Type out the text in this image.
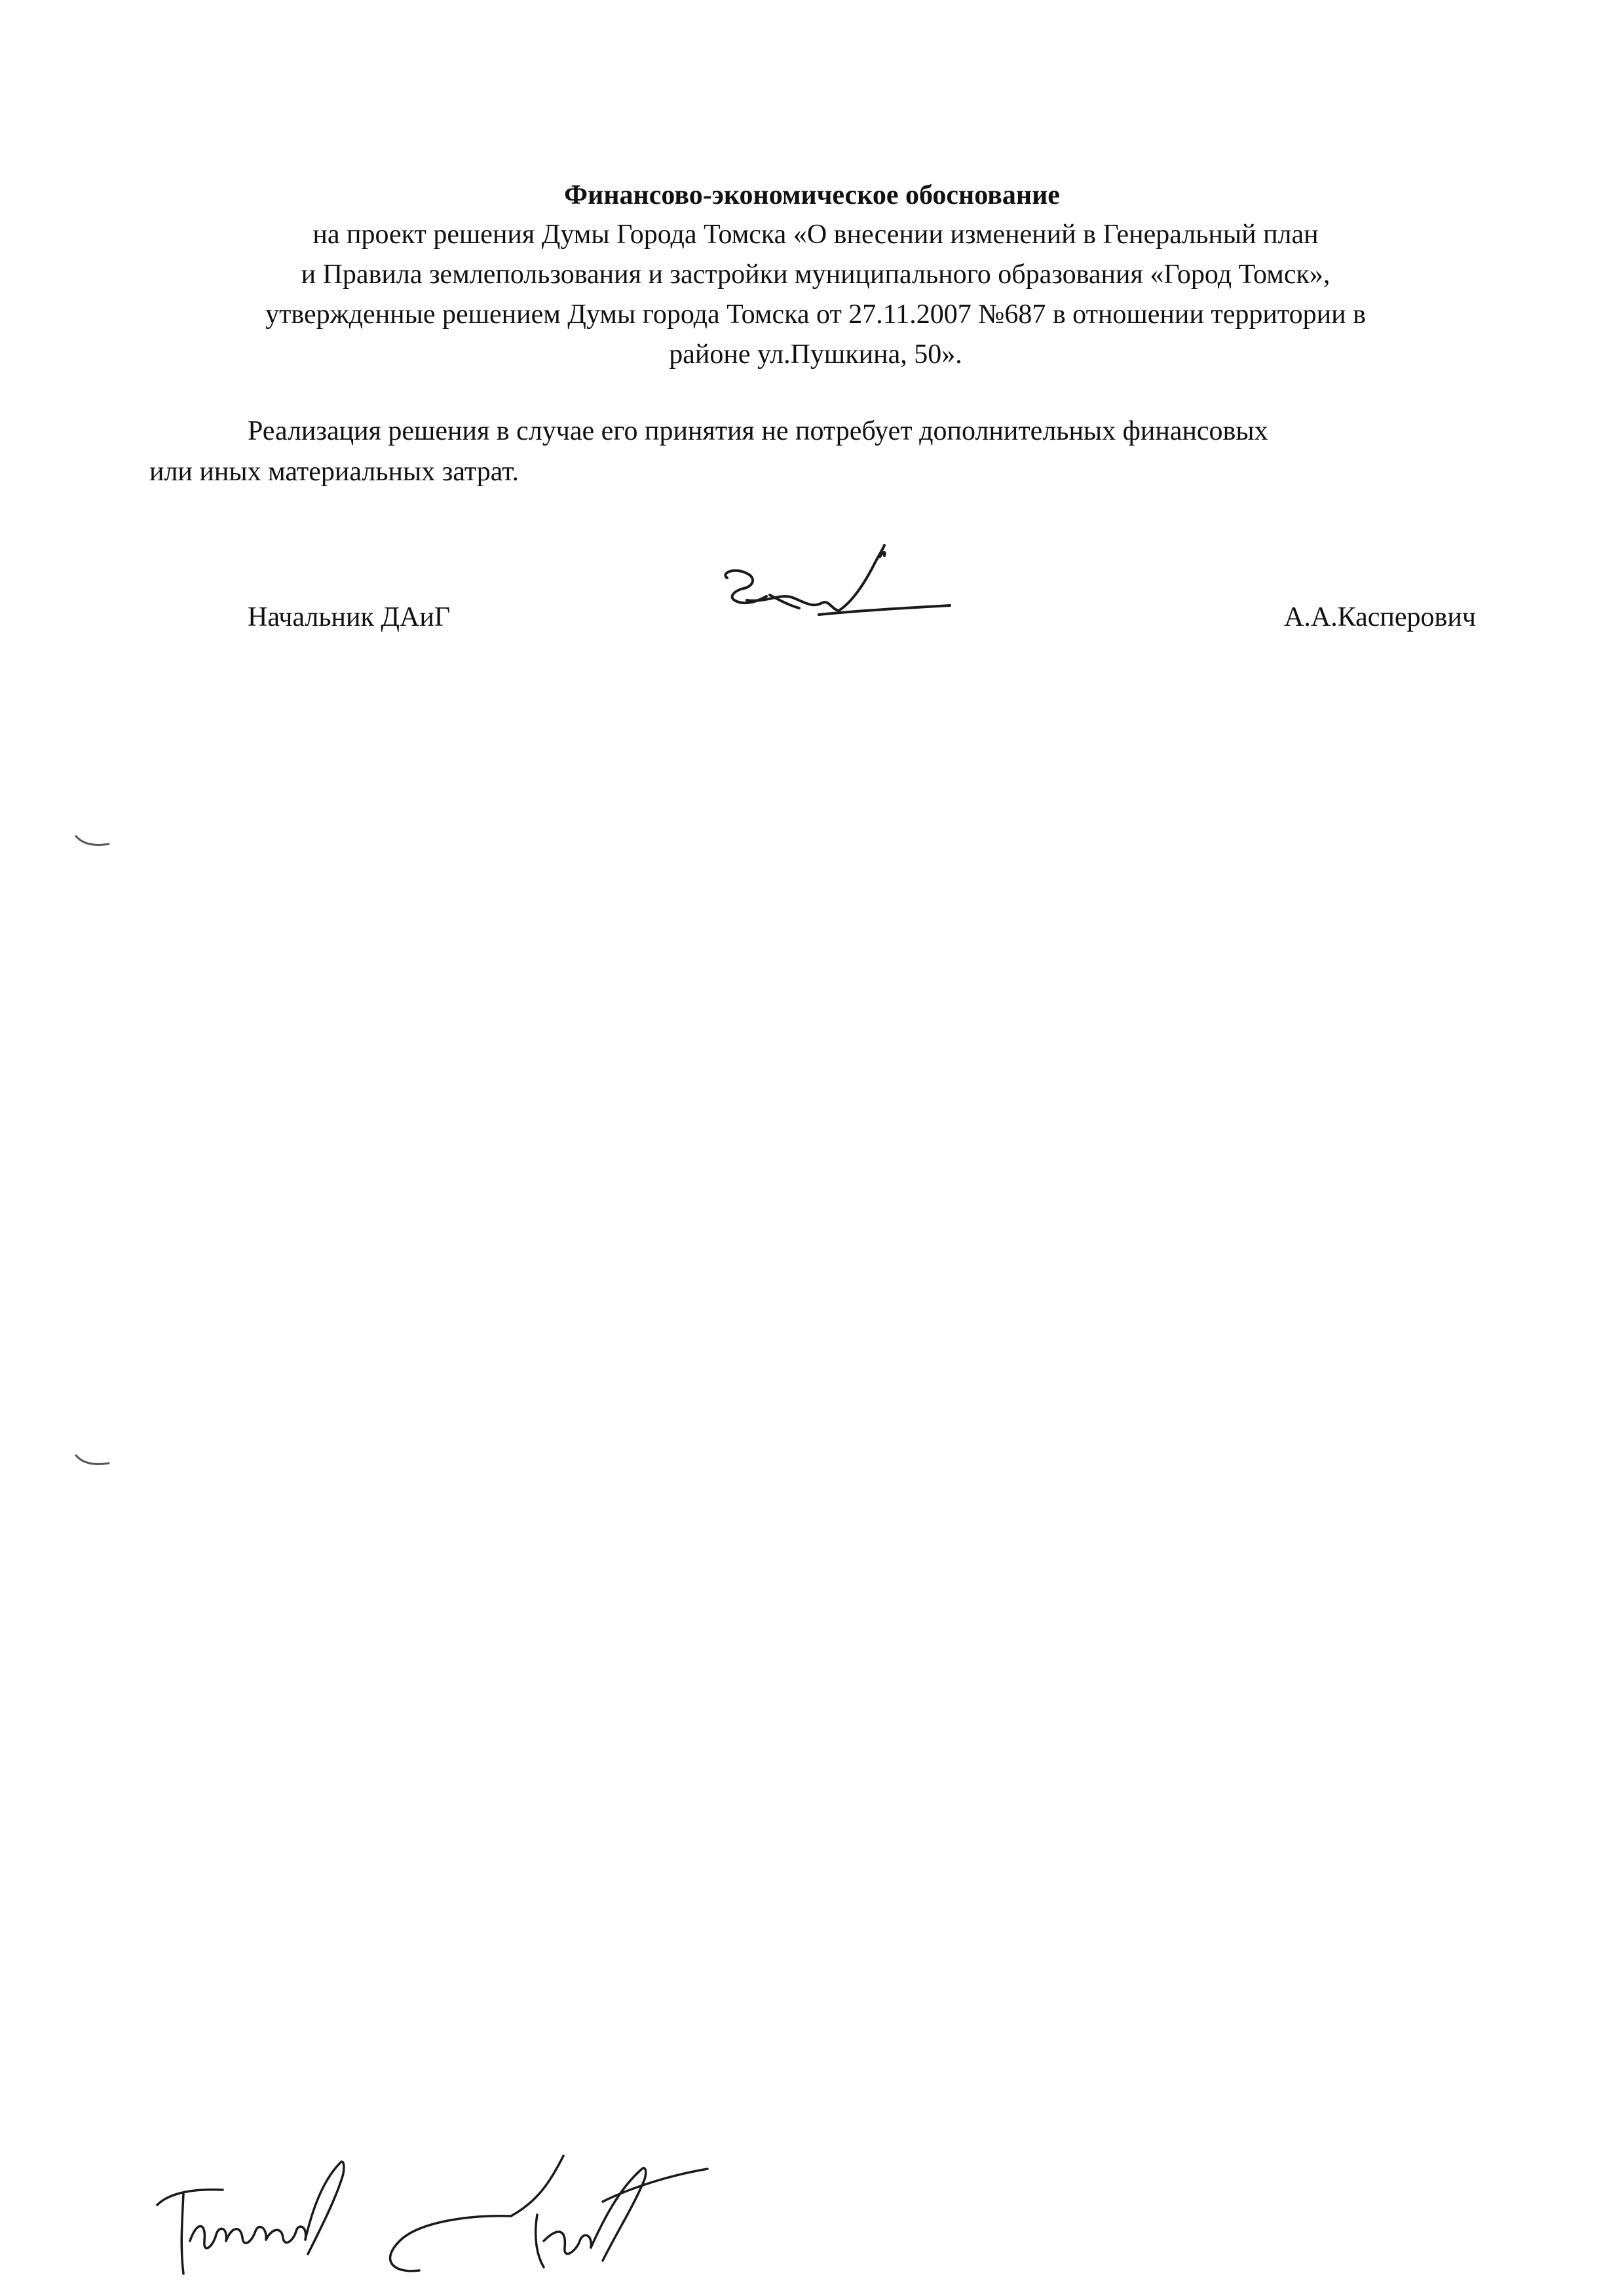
Финансово-экономическое обоснование
на проект решения Думы Города Томска «О внесении изменений в Генеральный план
и Правила землепользования и застройки муниципального образования «Город Томск»,
утвержденные решением Думы города Томска от 27.11.2007 №687 в отношении территории в
районе ул.Пушкина, 50».
Реализация решения в случае его принятия не потребует дополнительных финансовых
или иных материальных затрат.
Начальник ДАиГ	А.А.Касперович
